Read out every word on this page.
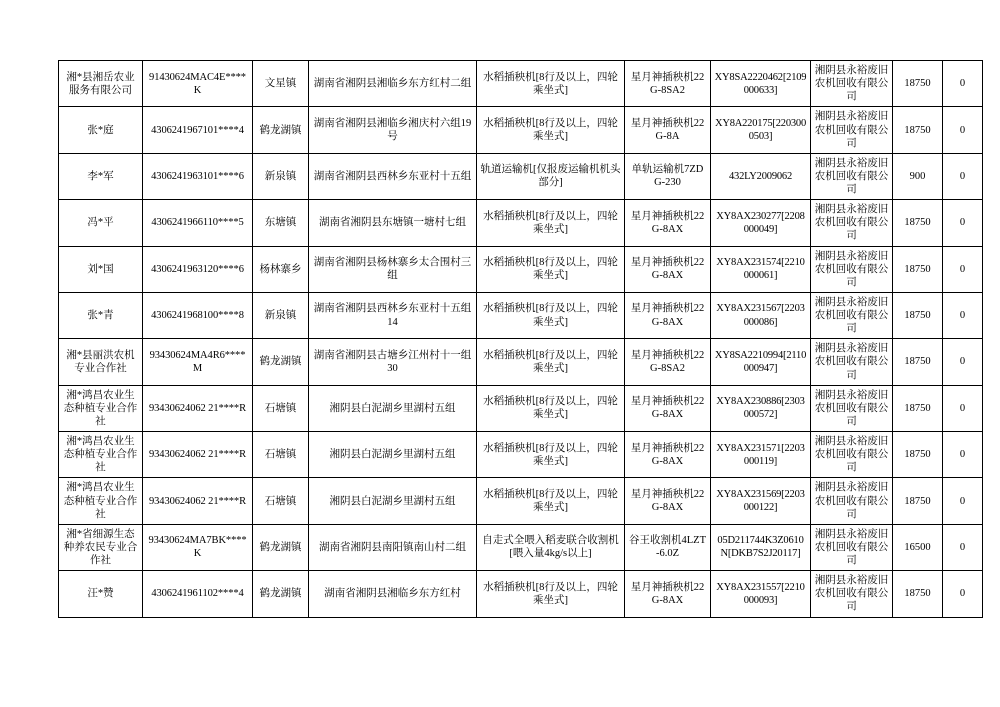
湘*县湘岳农业服务有限公司	91430624MAC4E****K	文星镇	湖南省湘阴县湘临乡东方红村二组	水稻插秧机[8行及以上，四轮乘坐式]	星月神插秧机22G-8SA2	XY8SA2220462[2109000633]	湘阴县永裕废旧农机回收有限公司	18750	0
张*庭	4306241967101****4	鹤龙湖镇	湖南省湘阴县湘临乡湘庆村六组19号	水稻插秧机[8行及以上，四轮乘坐式]	星月神插秧机22G-8A	XY8A220175[2203000503]	湘阴县永裕废旧农机回收有限公司	18750	0
李*军	4306241963101****6	新泉镇	湖南省湘阴县西林乡东亚村十五组	轨道运输机[仅报废运输机机头部分]	单轨运输机7ZDG-230	432LY2009062	湘阴县永裕废旧农机回收有限公司	900	0
冯*平	4306241966110****5	东塘镇	湖南省湘阴县东塘镇一塘村七组	水稻插秧机[8行及以上，四轮乘坐式]	星月神插秧机22G-8AX	XY8AX230277[2208000049]	湘阴县永裕废旧农机回收有限公司	18750	0
刘*国	4306241963120****6	杨林寨乡	湖南省湘阴县杨林寨乡太合围村三组	水稻插秧机[8行及以上，四轮乘坐式]	星月神插秧机22G-8AX	XY8AX231574[2210000061]	湘阴县永裕废旧农机回收有限公司	18750	0
张*青	4306241968100****8	新泉镇	湖南省湘阴县西林乡东亚村十五组14	水稻插秧机[8行及以上，四轮乘坐式]	星月神插秧机22G-8AX	XY8AX231567[2203000086]	湘阴县永裕废旧农机回收有限公司	18750	0
湘*县丽洪农机专业合作社	93430624MA4R6****M	鹤龙湖镇	湖南省湘阴县古塘乡江州村十一组30	水稻插秧机[8行及以上，四轮乘坐式]	星月神插秧机22G-8SA2	XY8SA2210994[2110000947]	湘阴县永裕废旧农机回收有限公司	18750	0
湘*鸿昌农业生态种植专业合作社	93430624062 21****R	石塘镇	湘阴县白泥湖乡里湖村五组	水稻插秧机[8行及以上，四轮乘坐式]	星月神插秧机22G-8AX	XY8AX230886[2303000572]	湘阴县永裕废旧农机回收有限公司	18750	0
湘*鸿昌农业生态种植专业合作社	93430624062 21****R	石塘镇	湘阴县白泥湖乡里湖村五组	水稻插秧机[8行及以上，四轮乘坐式]	星月神插秧机22G-8AX	XY8AX231571[2203000119]	湘阴县永裕废旧农机回收有限公司	18750	0
湘*鸿昌农业生态种植专业合作社	93430624062 21****R	石塘镇	湘阴县白泥湖乡里湖村五组	水稻插秧机[8行及以上，四轮乘坐式]	星月神插秧机22G-8AX	XY8AX231569[2203000122]	湘阴县永裕废旧农机回收有限公司	18750	0
湘*省细源生态种养农民专业合作社	93430624MA7BK****K	鹤龙湖镇	湖南省湘阴县南阳镇南山村二组	自走式全喂入稻麦联合收割机[喂入量4kg/s以上]	谷王收割机4LZT-6.0Z	05D211744K3Z0610N[DKB7S2J20117]	湘阴县永裕废旧农机回收有限公司	16500	0
汪*赞	4306241961102****4	鹤龙湖镇	湖南省湘阴县湘临乡东方红村	水稻插秧机[8行及以上，四轮乘坐式]	星月神插秧机22G-8AX	XY8AX231557[2210000093]	湘阴县永裕废旧农机回收有限公司	18750	0
